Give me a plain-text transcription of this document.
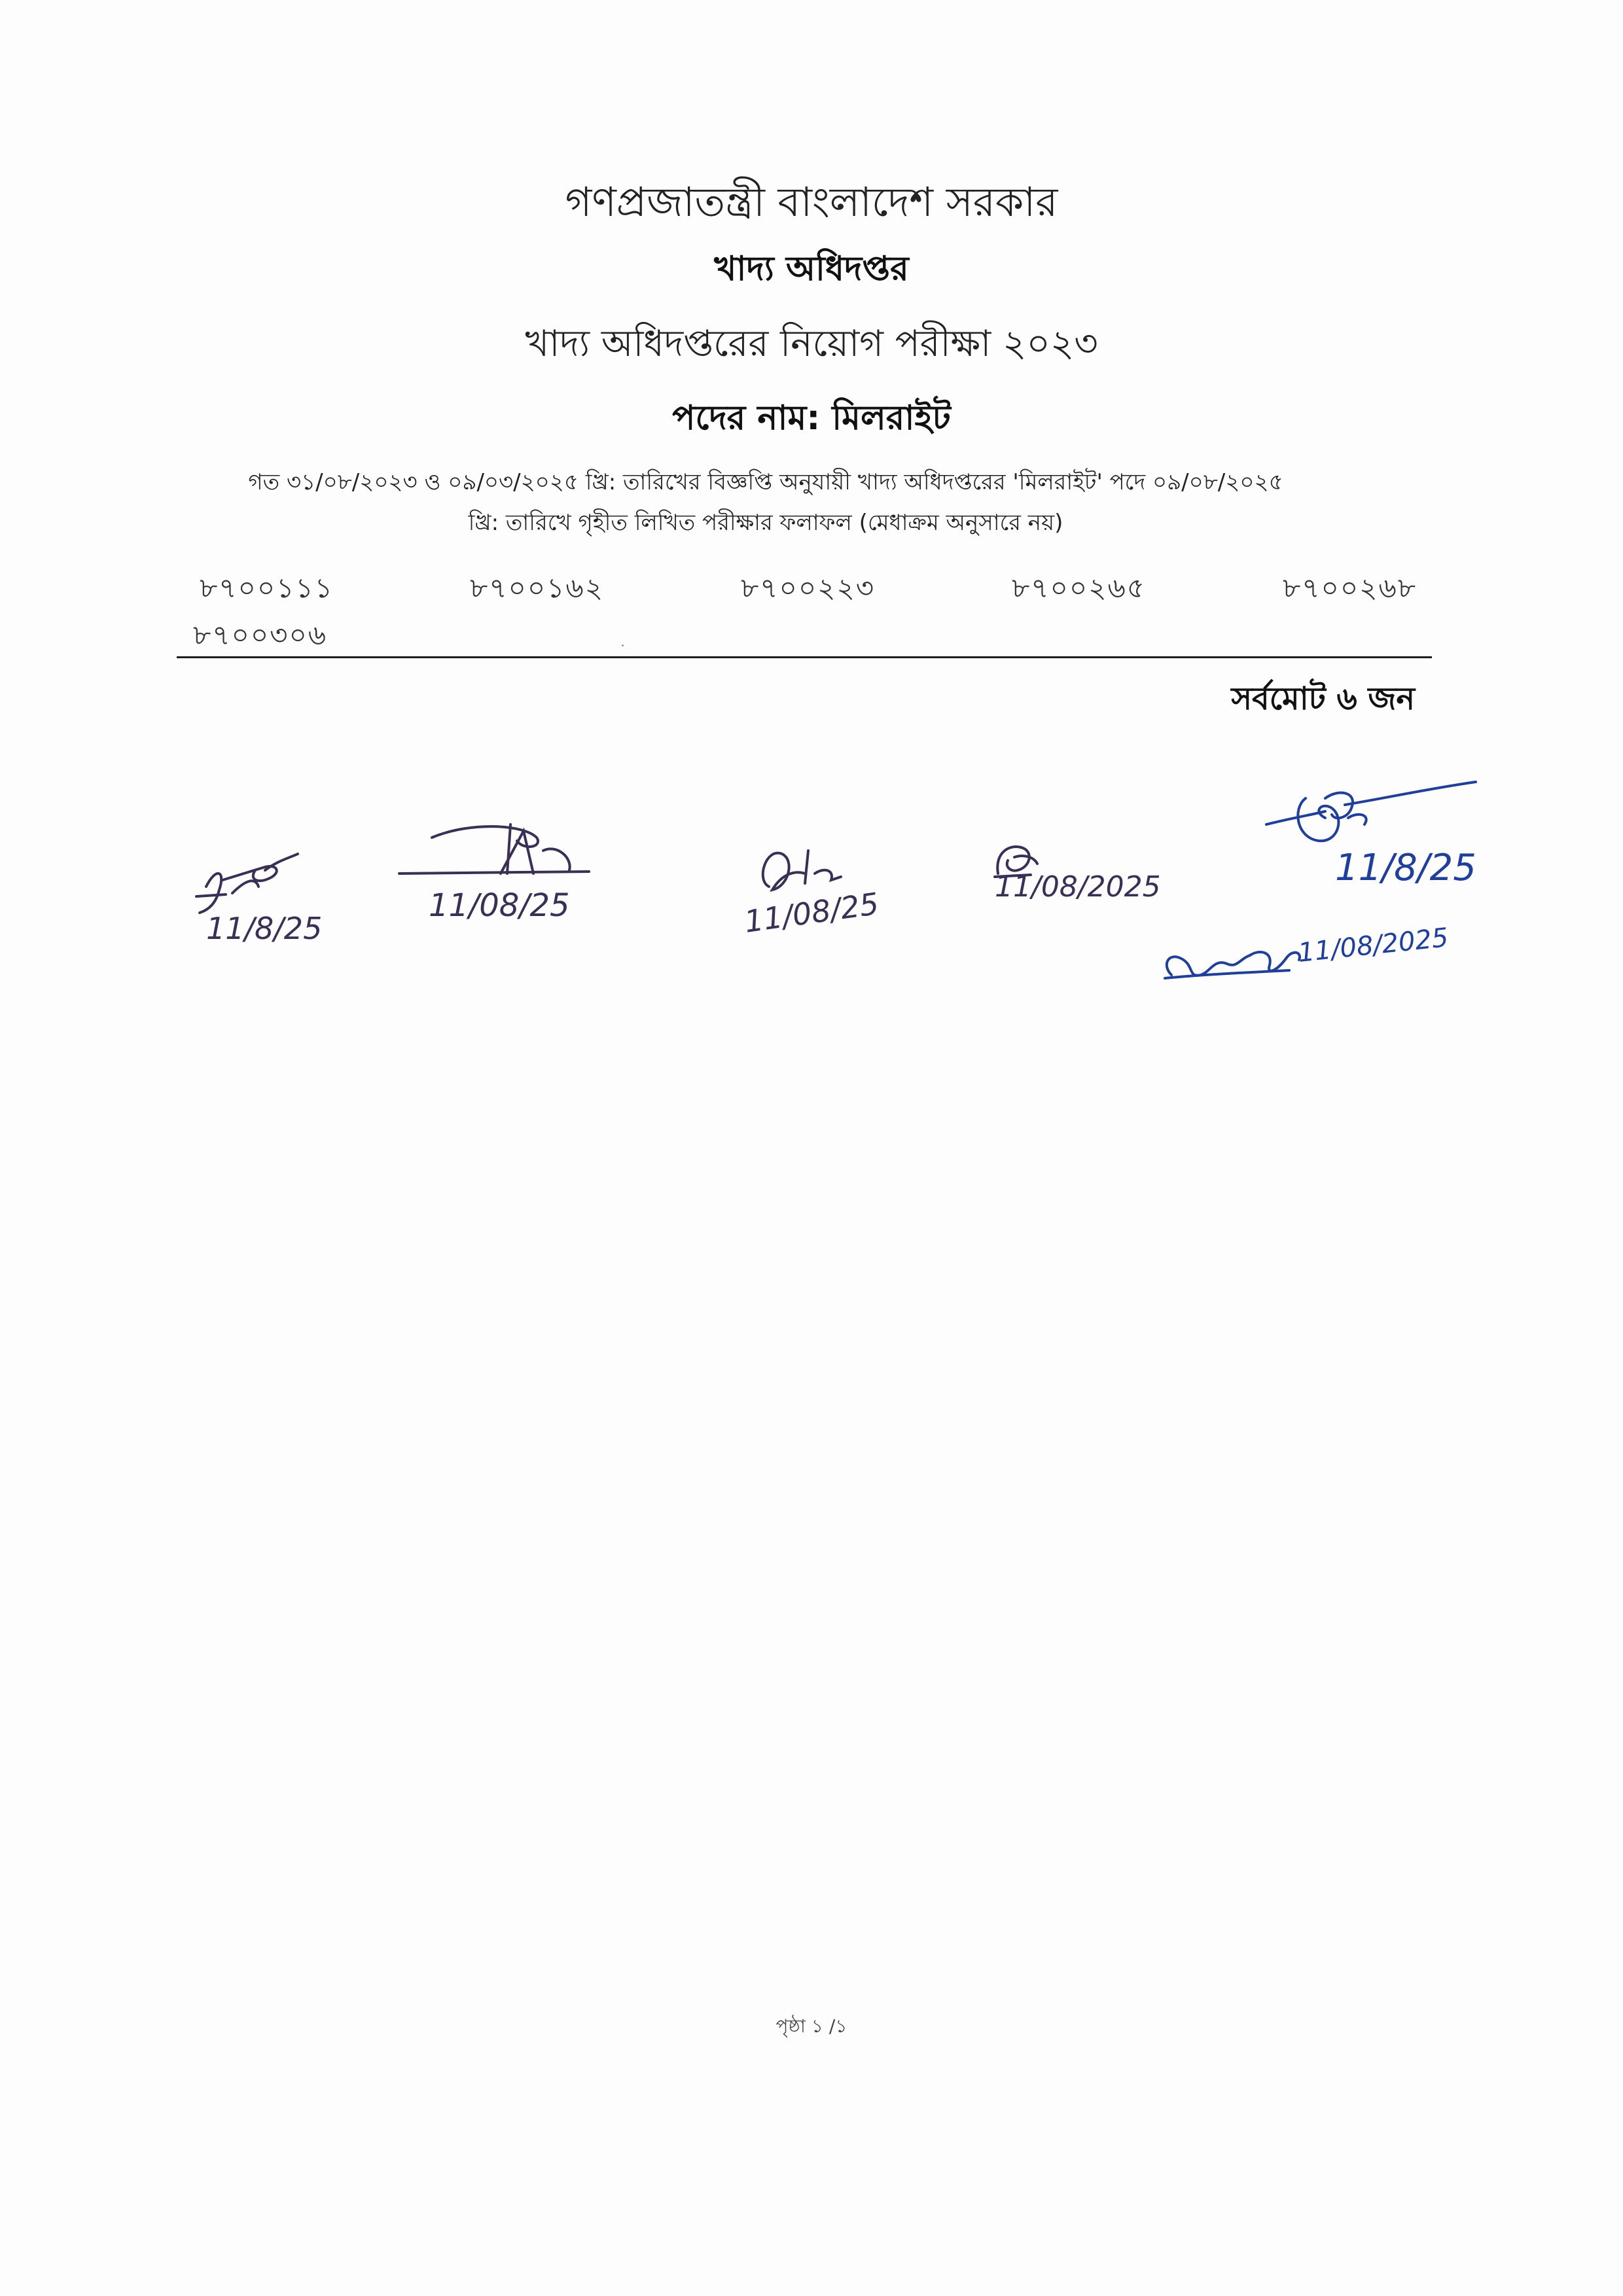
গণপ্রজাতন্ত্রী বাংলাদেশ সরকার
খাদ্য অধিদপ্তর
খাদ্য অধিদপ্তরের নিয়োগ পরীক্ষা ২০২৩
পদের নাম: মিলরাইট
গত ৩১/০৮/২০২৩ ও ০৯/০৩/২০২৫ খ্রি: তারিখের বিজ্ঞপ্তি অনুযায়ী খাদ্য অধিদপ্তরের 'মিলরাইট' পদে ০৯/০৮/২০২৫
খ্রি: তারিখে গৃহীত লিখিত পরীক্ষার ফলাফল (মেধাক্রম অনুসারে নয়)
৮৭০০১১১	৮৭০০১৬২	৮৭০০২২৩	৮৭০০২৬৫	৮৭০০২৬৮
৮৭০০৩০৬
সর্বমোট ৬ জন
11/8/25
11/08/25	11/08/25	11/08/2025	11/8/25
11/08/2025
পৃষ্ঠা ১ /১
